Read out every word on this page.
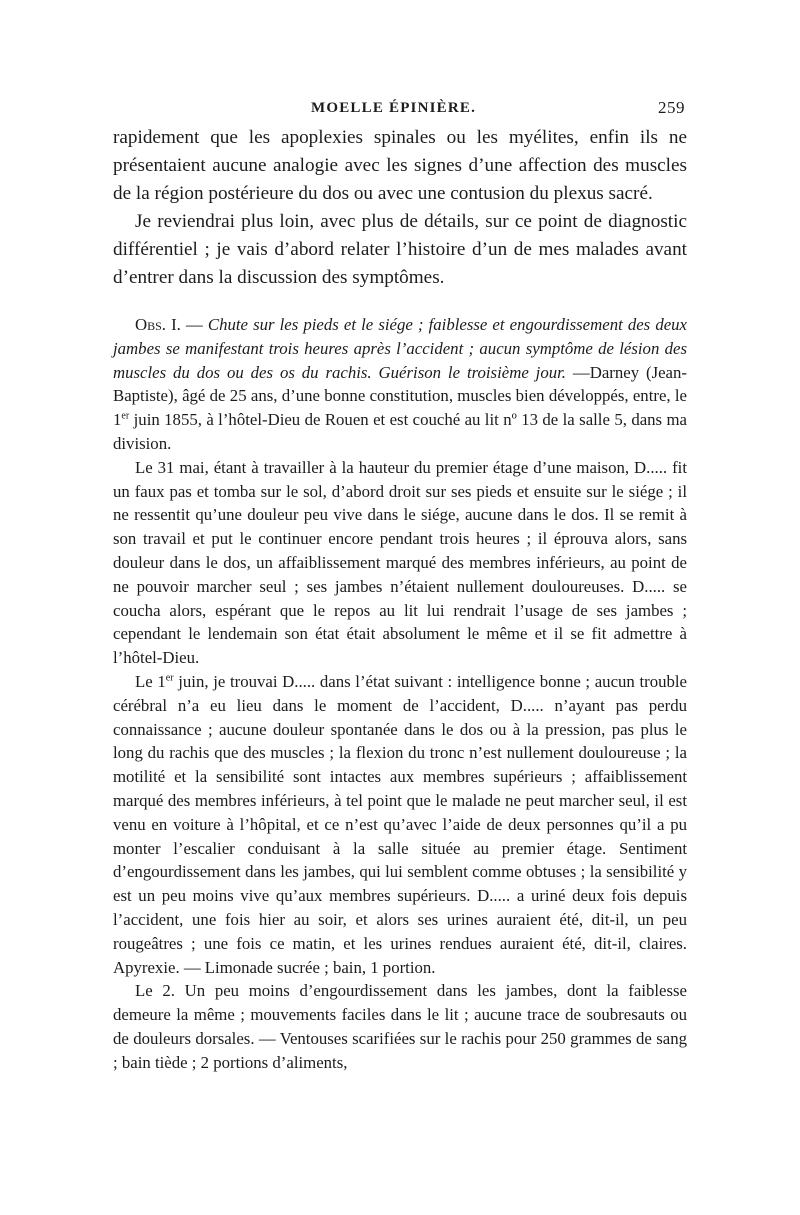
MOELLE ÉPINIÈRE.	259

rapidement que les apoplexies spinales ou les myélites, enfin ils ne présentaient aucune analogie avec les signes d’une affection des muscles de la région postérieure du dos ou avec une contusion du plexus sacré.

Je reviendrai plus loin, avec plus de détails, sur ce point de diagnostic différentiel ; je vais d’abord relater l’histoire d’un de mes malades avant d’entrer dans la discussion des symptômes.

Obs. I. — Chute sur les pieds et le siége ; faiblesse et engourdissement des deux jambes se manifestant trois heures après l’accident ; aucun symptôme de lésion des muscles du dos ou des os du rachis. Guérison le troisième jour. —Darney (Jean-Baptiste), âgé de 25 ans, d’une bonne constitution, muscles bien développés, entre, le 1er juin 1855, à l’hôtel-Dieu de Rouen et est couché au lit nº 13 de la salle 5, dans ma division.

Le 31 mai, étant à travailler à la hauteur du premier étage d’une maison, D..... fit un faux pas et tomba sur le sol, d’abord droit sur ses pieds et ensuite sur le siége ; il ne ressentit qu’une douleur peu vive dans le siége, aucune dans le dos. Il se remit à son travail et put le continuer encore pendant trois heures ; il éprouva alors, sans douleur dans le dos, un affaiblissement marqué des membres inférieurs, au point de ne pouvoir marcher seul ; ses jambes n’étaient nullement douloureuses. D..... se coucha alors, espérant que le repos au lit lui rendrait l’usage de ses jambes ; cependant le lendemain son état était absolument le même et il se fit admettre à l’hôtel-Dieu.

Le 1er juin, je trouvai D..... dans l’état suivant : intelligence bonne ; aucun trouble cérébral n’a eu lieu dans le moment de l’accident, D..... n’ayant pas perdu connaissance ; aucune douleur spontanée dans le dos ou à la pression, pas plus le long du rachis que des muscles ; la flexion du tronc n’est nullement douloureuse ; la motilité et la sensibilité sont intactes aux membres supérieurs ; affaiblissement marqué des membres inférieurs, à tel point que le malade ne peut marcher seul, il est venu en voiture à l’hôpital, et ce n’est qu’avec l’aide de deux personnes qu’il a pu monter l’escalier conduisant à la salle située au premier étage. Sentiment d’engourdissement dans les jambes, qui lui semblent comme obtuses ; la sensibilité y est un peu moins vive qu’aux membres supérieurs. D..... a uriné deux fois depuis l’accident, une fois hier au soir, et alors ses urines auraient été, dit-il, un peu rougeâtres ; une fois ce matin, et les urines rendues auraient été, dit-il, claires. Apyrexie. — Limonade sucrée ; bain, 1 portion.

Le 2. Un peu moins d’engourdissement dans les jambes, dont la faiblesse demeure la même ; mouvements faciles dans le lit ; aucune trace de soubresauts ou de douleurs dorsales. — Ventouses scarifiées sur le rachis pour 250 grammes de sang ; bain tiède ; 2 portions d’aliments,
